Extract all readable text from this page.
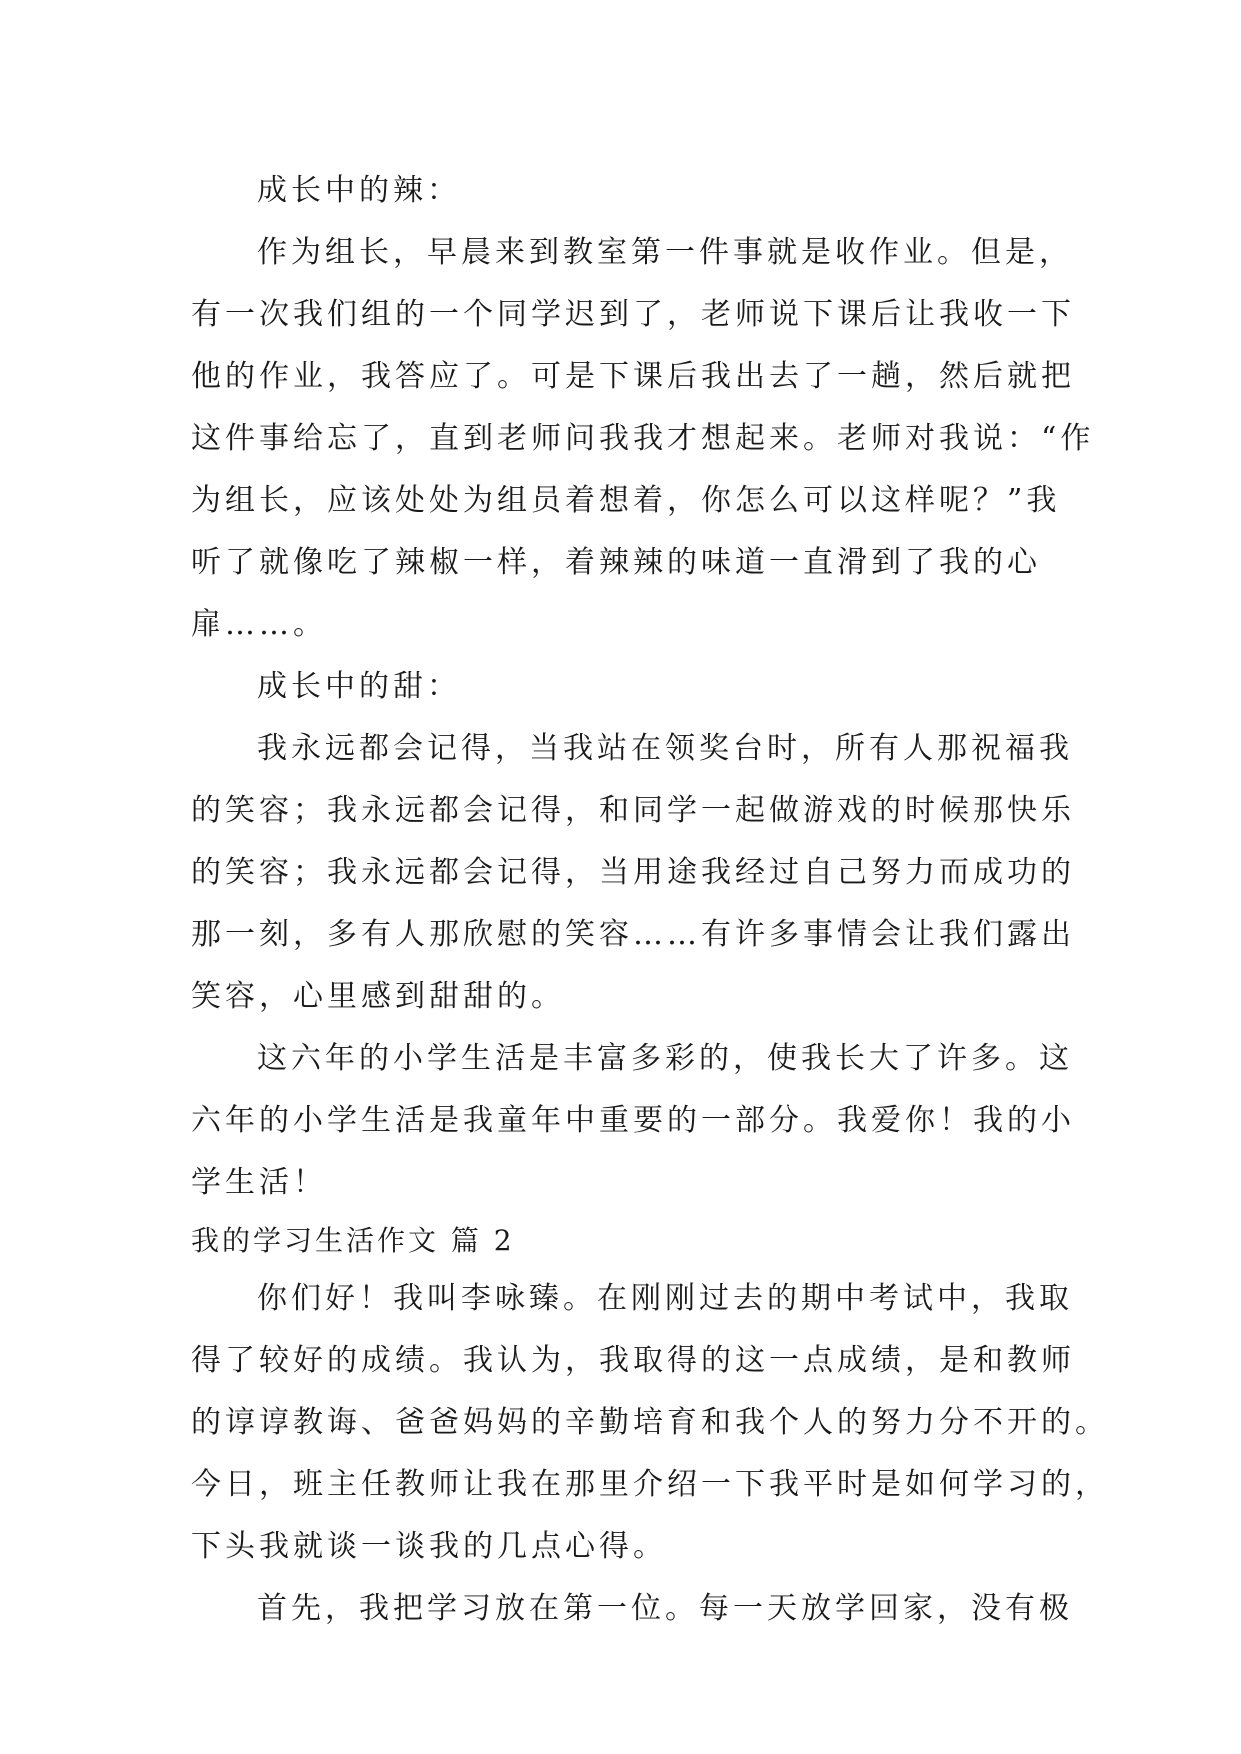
成长中的辣：
作为组长，早晨来到教室第一件事就是收作业。但是，
有一次我们组的一个同学迟到了，老师说下课后让我收一下
他的作业，我答应了。可是下课后我出去了一趟，然后就把
这件事给忘了，直到老师问我我才想起来。老师对我说：“作
为组长，应该处处为组员着想着，你怎么可以这样呢？”我
听了就像吃了辣椒一样，着辣辣的味道一直滑到了我的心
扉……。
成长中的甜：
我永远都会记得，当我站在领奖台时，所有人那祝福我
的笑容；我永远都会记得，和同学一起做游戏的时候那快乐
的笑容；我永远都会记得，当用途我经过自己努力而成功的
那一刻，多有人那欣慰的笑容……有许多事情会让我们露出
笑容，心里感到甜甜的。
这六年的小学生活是丰富多彩的，使我长大了许多。这
六年的小学生活是我童年中重要的一部分。我爱你！我的小
学生活！
我的学习生活作文 篇 2
你们好！我叫李咏臻。在刚刚过去的期中考试中，我取
得了较好的成绩。我认为，我取得的这一点成绩，是和教师
的谆谆教诲、爸爸妈妈的辛勤培育和我个人的努力分不开的。
今日，班主任教师让我在那里介绍一下我平时是如何学习的，
下头我就谈一谈我的几点心得。
首先，我把学习放在第一位。每一天放学回家，没有极
